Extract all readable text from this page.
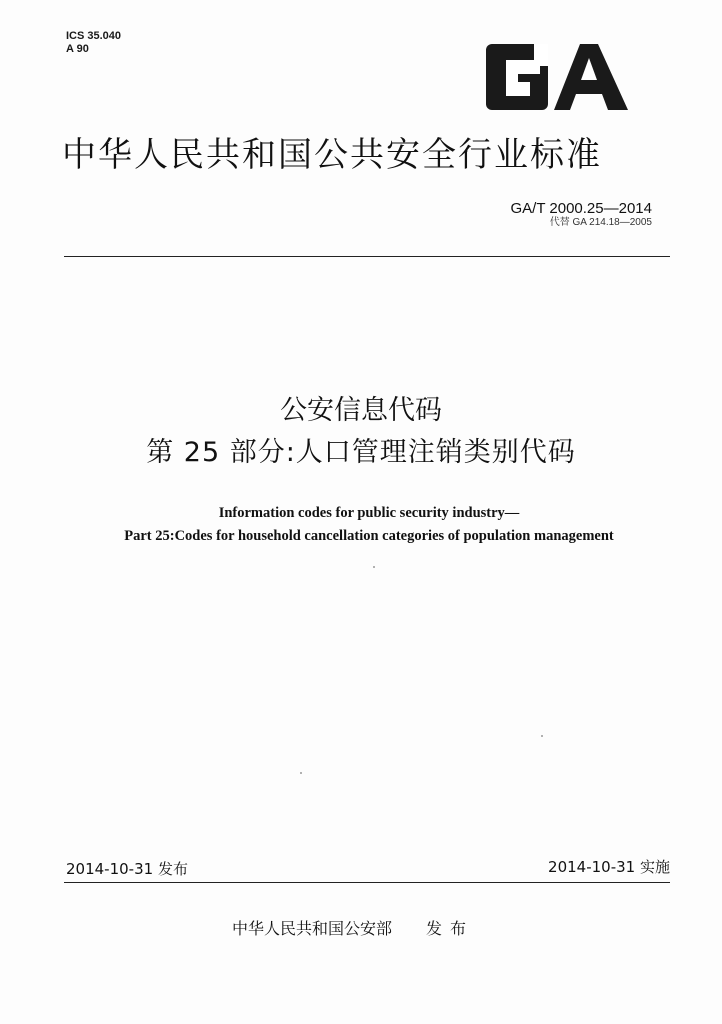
ICS 35.040
A 90
中华人民共和国公共安全行业标准
GA/T 2000.25—2014
代替 GA 214.18—2005
公安信息代码
第 25 部分:人口管理注销类别代码
Information codes for public security industry—
Part 25:Codes for household cancellation categories of population management
2014-10-31 发布	2014-10-31 实施
中华人民共和国公安部 发布
